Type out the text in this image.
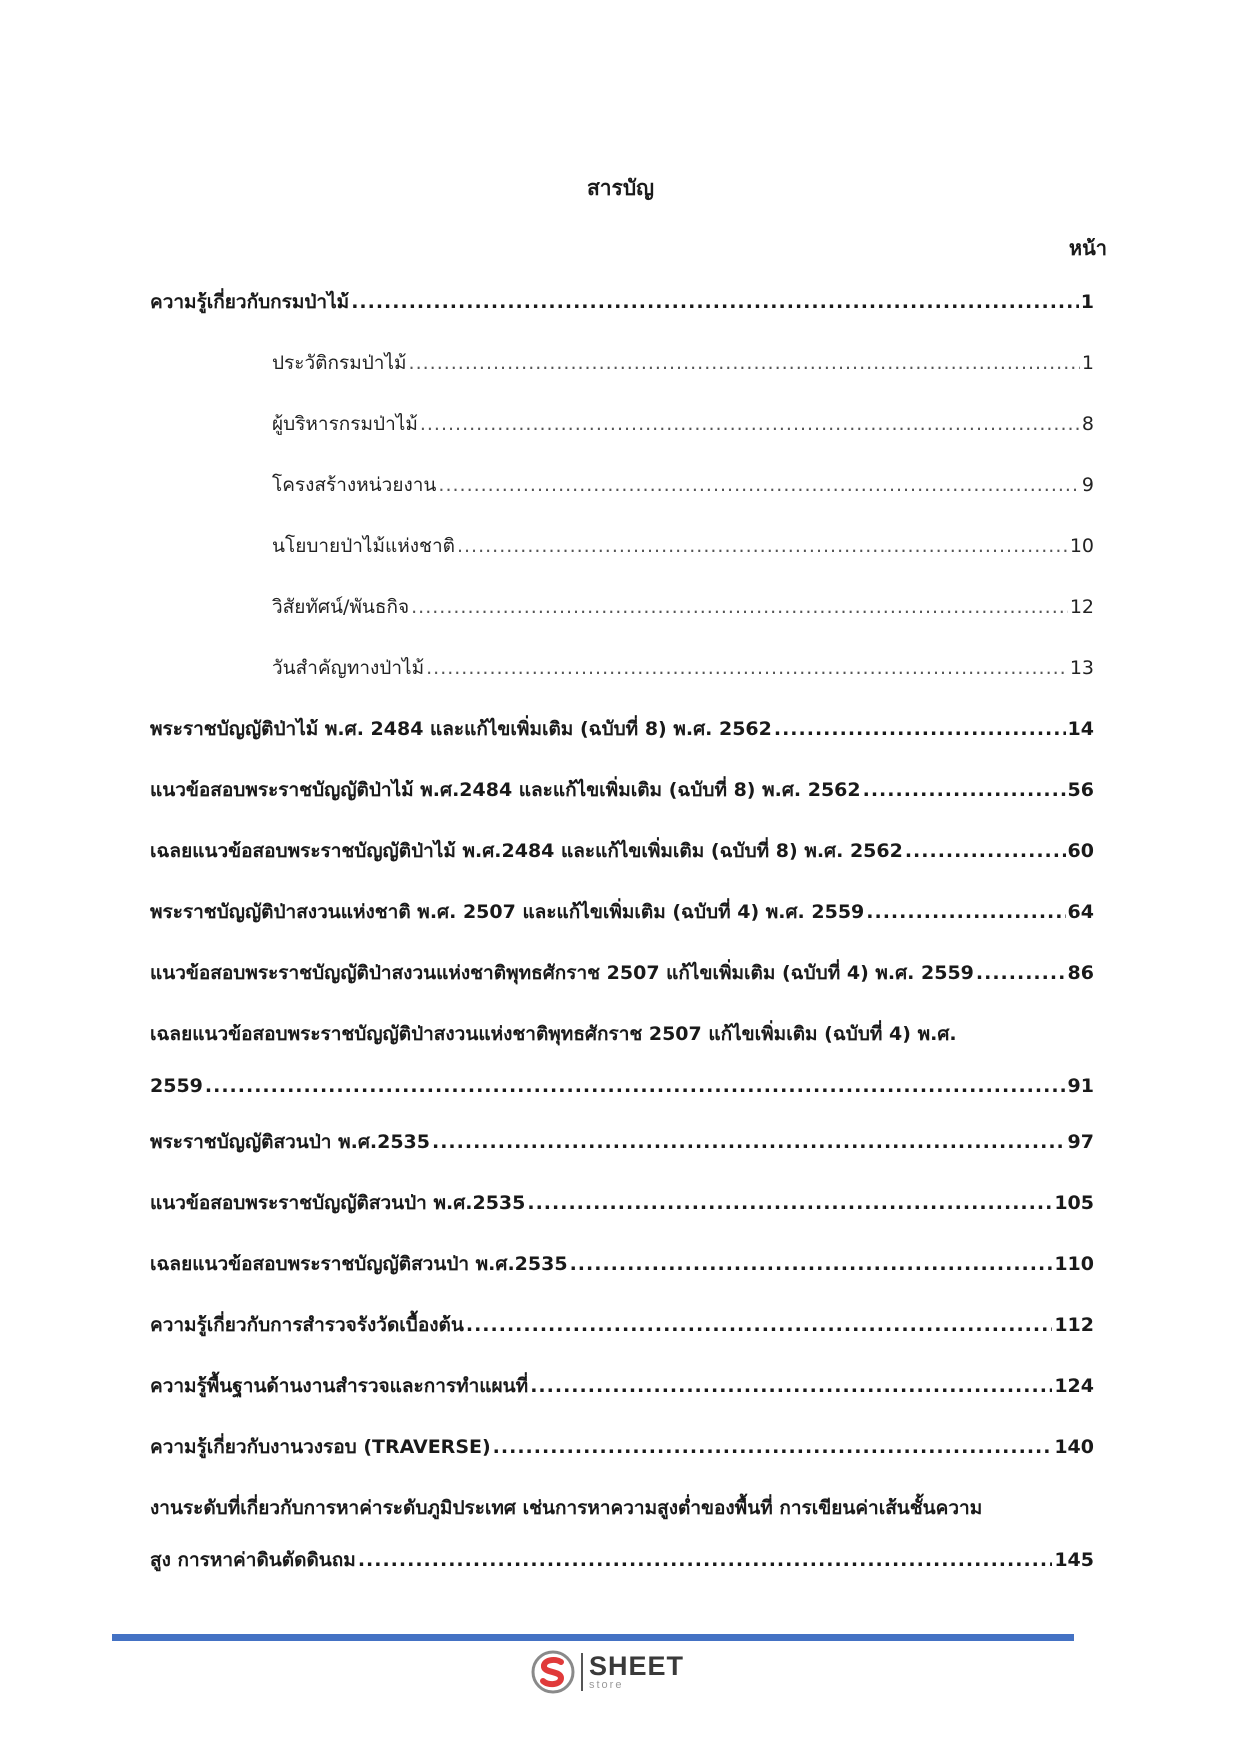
สารบัญ
หน้า
ความรู้เกี่ยวกับกรมป่าไม้ .....	1
ประวัติกรมป่าไม้ .....	1
ผู้บริหารกรมป่าไม้ .....	8
โครงสร้างหน่วยงาน .....	9
นโยบายป่าไม้แห่งชาติ .....	10
วิสัยทัศน์/พันธกิจ .....	12
วันสำคัญทางป่าไม้ .....	13
พระราชบัญญัติป่าไม้ พ.ศ. 2484 และแก้ไขเพิ่มเติม (ฉบับที่ 8) พ.ศ. 2562 .....	14
แนวข้อสอบพระราชบัญญัติป่าไม้ พ.ศ.2484 และแก้ไขเพิ่มเติม (ฉบับที่ 8) พ.ศ. 2562 .....	56
เฉลยแนวข้อสอบพระราชบัญญัติป่าไม้ พ.ศ.2484 และแก้ไขเพิ่มเติม (ฉบับที่ 8) พ.ศ. 2562 .....	60
พระราชบัญญัติป่าสงวนแห่งชาติ พ.ศ. 2507 และแก้ไขเพิ่มเติม (ฉบับที่ 4) พ.ศ. 2559 .....	64
แนวข้อสอบพระราชบัญญัติป่าสงวนแห่งชาติพุทธศักราช 2507 แก้ไขเพิ่มเติม (ฉบับที่ 4) พ.ศ. 2559 .....	86
เฉลยแนวข้อสอบพระราชบัญญัติป่าสงวนแห่งชาติพุทธศักราช 2507 แก้ไขเพิ่มเติม (ฉบับที่ 4) พ.ศ.
2559 .....	91
พระราชบัญญัติสวนป่า พ.ศ.2535 .....	97
แนวข้อสอบพระราชบัญญัติสวนป่า พ.ศ.2535 .....	105
เฉลยแนวข้อสอบพระราชบัญญัติสวนป่า พ.ศ.2535 .....	110
ความรู้เกี่ยวกับการสำรวจรังวัดเบื้องต้น .....	112
ความรู้พื้นฐานด้านงานสำรวจและการทำแผนที่ .....	124
ความรู้เกี่ยวกับงานวงรอบ (TRAVERSE) .....	140
งานระดับที่เกี่ยวกับการหาค่าระดับภูมิประเทศ เช่นการหาความสูงต่ำของพื้นที่ การเขียนค่าเส้นชั้นความ
สูง การหาค่าดินตัดดินถม .....	145
SHEET
store
